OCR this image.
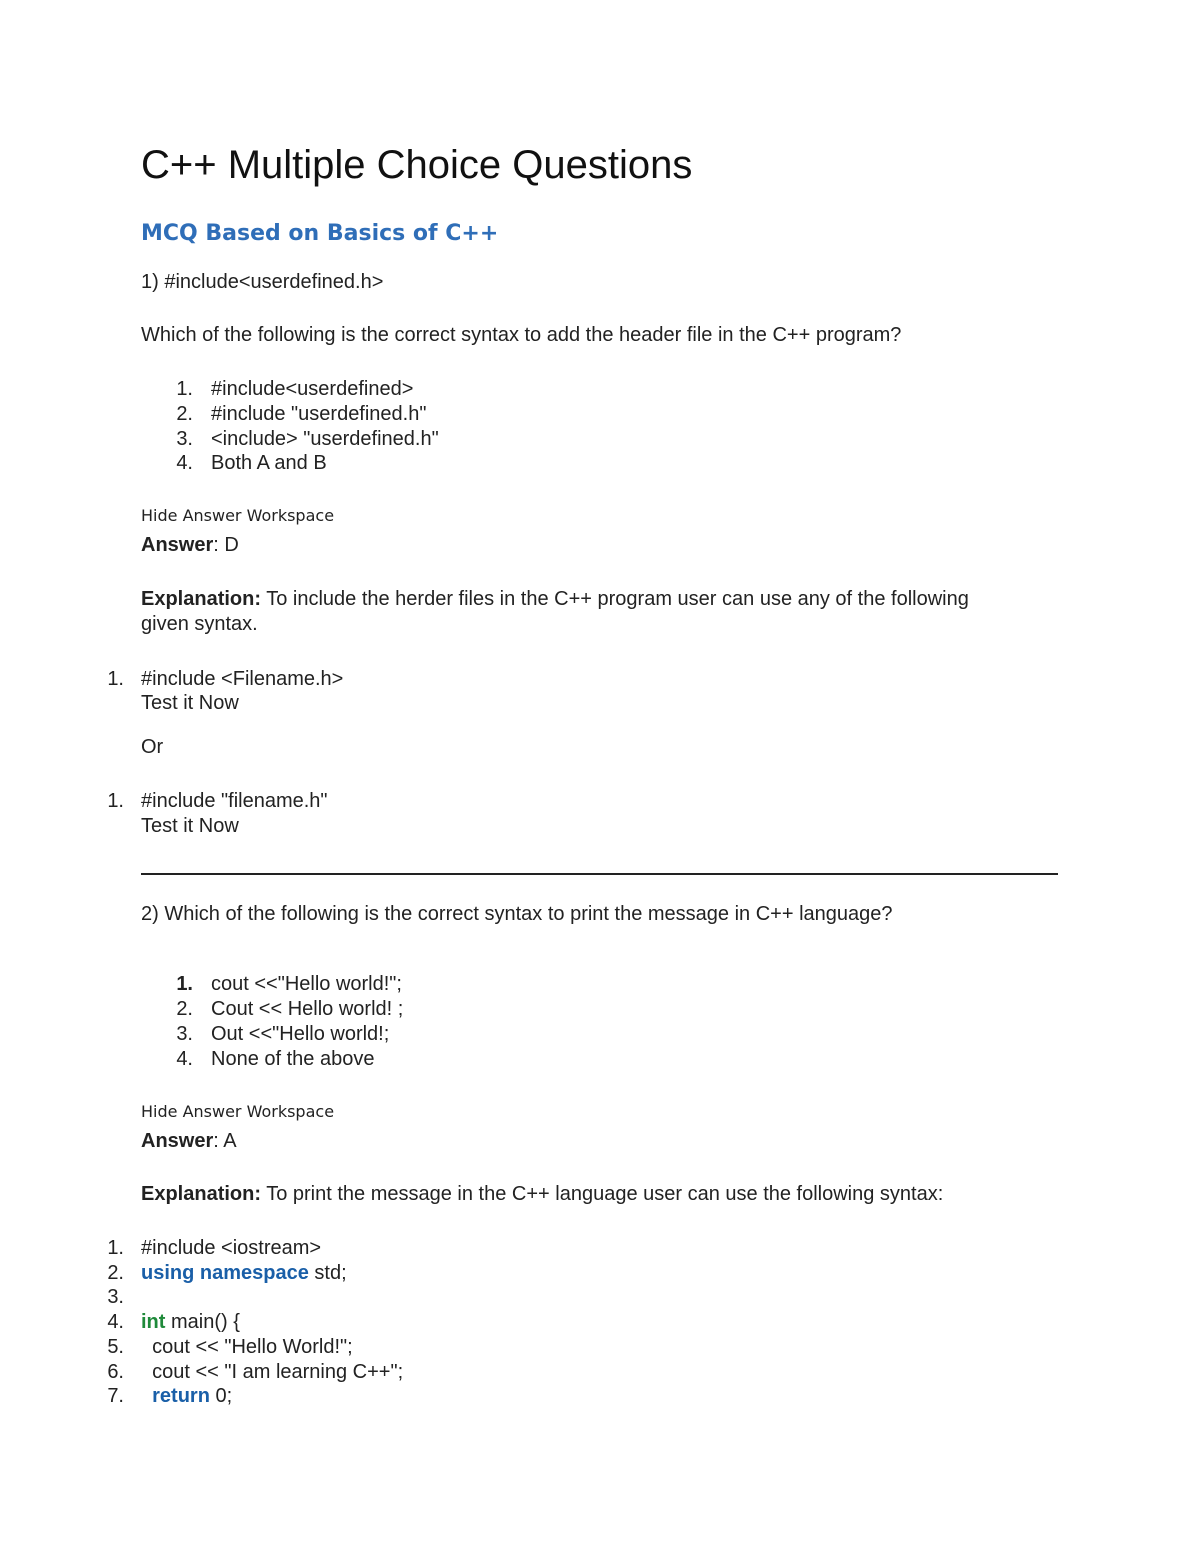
C++ Multiple Choice Questions
MCQ Based on Basics of C++
1) #include<userdefined.h>
Which of the following is the correct syntax to add the header file in the C++ program?
1. #include<userdefined>
2. #include "userdefined.h"
3. <include> "userdefined.h"
4. Both A and B
Hide Answer Workspace
Answer: D
Explanation: To include the herder files in the C++ program user can use any of the following
given syntax.
1. #include <Filename.h>
Test it Now
Or
1. #include "filename.h"
Test it Now
2) Which of the following is the correct syntax to print the message in C++ language?
1. cout <<"Hello world!";
2. Cout << Hello world! ;
3. Out <<"Hello world!;
4. None of the above
Hide Answer Workspace
Answer: A
Explanation: To print the message in the C++ language user can use the following syntax:
1. #include <iostream>
2. using namespace std;
3.
4. int main() {
5. cout << "Hello World!";
6. cout << "I am learning C++";
7.	return 0;
